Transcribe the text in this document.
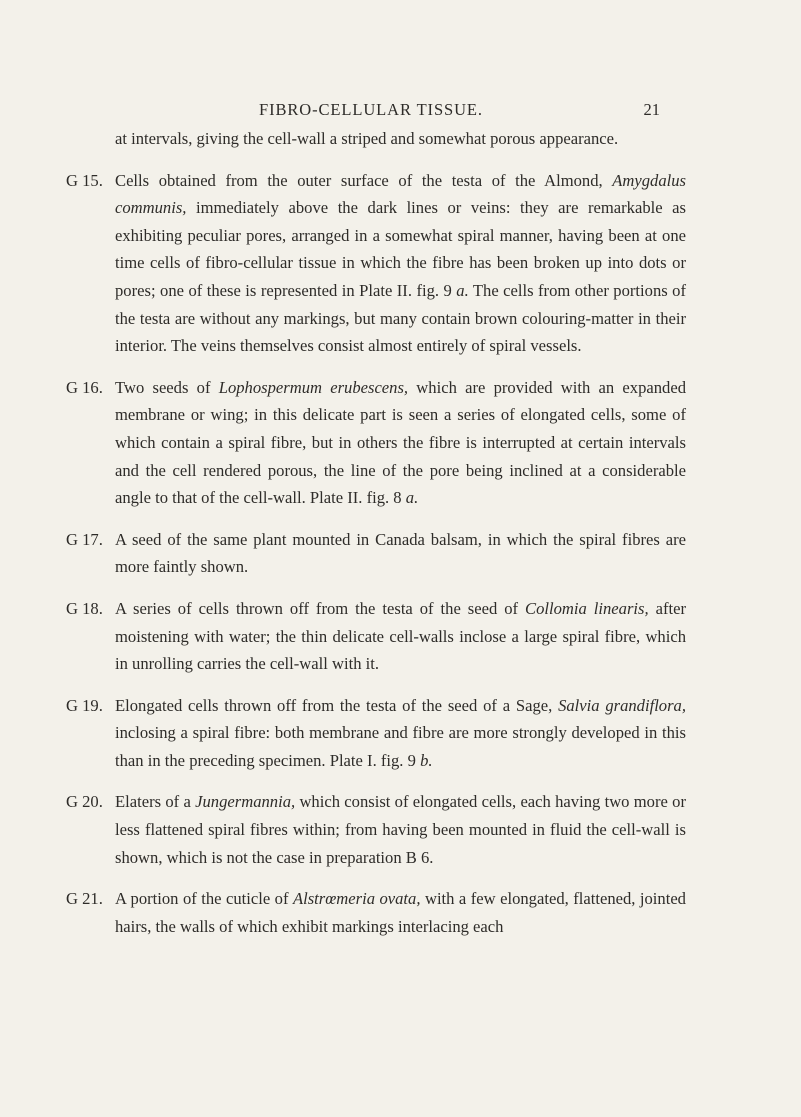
FIBRO-CELLULAR TISSUE.	21

at intervals, giving the cell-wall a striped and somewhat porous appearance.

G 15. Cells obtained from the outer surface of the testa of the Almond, Amygdalus communis, immediately above the dark lines or veins: they are remarkable as exhibiting peculiar pores, arranged in a somewhat spiral manner, having been at one time cells of fibro-cellular tissue in which the fibre has been broken up into dots or pores; one of these is represented in Plate II. fig. 9 a. The cells from other portions of the testa are without any markings, but many contain brown colouring-matter in their interior. The veins themselves consist almost entirely of spiral vessels.

G 16. Two seeds of Lophospermum erubescens, which are provided with an expanded membrane or wing; in this delicate part is seen a series of elongated cells, some of which contain a spiral fibre, but in others the fibre is interrupted at certain intervals and the cell rendered porous, the line of the pore being inclined at a considerable angle to that of the cell-wall. Plate II. fig. 8 a.

G 17. A seed of the same plant mounted in Canada balsam, in which the spiral fibres are more faintly shown.

G 18. A series of cells thrown off from the testa of the seed of Collomia linearis, after moistening with water; the thin delicate cell-walls inclose a large spiral fibre, which in unrolling carries the cell-wall with it.

G 19. Elongated cells thrown off from the testa of the seed of a Sage, Salvia grandiflora, inclosing a spiral fibre: both membrane and fibre are more strongly developed in this than in the preceding specimen. Plate I. fig. 9 b.

G 20. Elaters of a Jungermannia, which consist of elongated cells, each having two more or less flattened spiral fibres within; from having been mounted in fluid the cell-wall is shown, which is not the case in preparation B 6.

G 21. A portion of the cuticle of Alstrœmeria ovata, with a few elongated, flattened, jointed hairs, the walls of which exhibit markings interlacing each
